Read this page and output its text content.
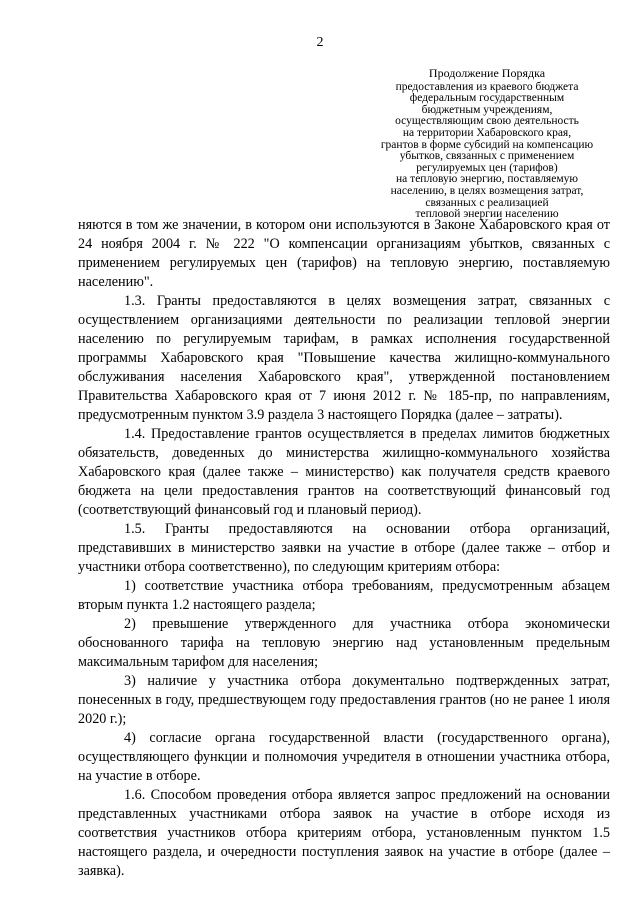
2
Продолжение Порядка
предоставления из краевого бюджета
федеральным государственным
бюджетным учреждениям,
осуществляющим свою деятельность
на территории Хабаровского края,
грантов в форме субсидий на компенсацию
убытков, связанных с применением
регулируемых цен (тарифов)
на тепловую энергию, поставляемую
населению, в целях возмещения затрат,
связанных с реализацией
тепловой энергии населению

няются в том же значении, в котором они используются в Законе Хабаровского края от 24 ноября 2004 г. № 222 "О компенсации организациям убытков, связанных с применением регулируемых цен (тарифов) на тепловую энергию, поставляемую населению".

1.3. Гранты предоставляются в целях возмещения затрат, связанных с осуществлением организациями деятельности по реализации тепловой энергии населению по регулируемым тарифам, в рамках исполнения государственной программы Хабаровского края "Повышение качества жилищно-коммунального обслуживания населения Хабаровского края", утвержденной постановлением Правительства Хабаровского края от 7 июня 2012 г. № 185-пр, по направлениям, предусмотренным пунктом 3.9 раздела 3 настоящего Порядка (далее – затраты).

1.4. Предоставление грантов осуществляется в пределах лимитов бюджетных обязательств, доведенных до министерства жилищно-коммунального хозяйства Хабаровского края (далее также – министерство) как получателя средств краевого бюджета на цели предоставления грантов на соответствующий финансовый год (соответствующий финансовый год и плановый период).

1.5. Гранты предоставляются на основании отбора организаций, представивших в министерство заявки на участие в отборе (далее также – отбор и участники отбора соответственно), по следующим критериям отбора:

1) соответствие участника отбора требованиям, предусмотренным абзацем вторым пункта 1.2 настоящего раздела;

2) превышение утвержденного для участника отбора экономически обоснованного тарифа на тепловую энергию над установленным предельным максимальным тарифом для населения;

3) наличие у участника отбора документально подтвержденных затрат, понесенных в году, предшествующем году предоставления грантов (но не ранее 1 июля 2020 г.);

4) согласие органа государственной власти (государственного органа), осуществляющего функции и полномочия учредителя в отношении участника отбора, на участие в отборе.

1.6. Способом проведения отбора является запрос предложений на основании представленных участниками отбора заявок на участие в отборе исходя из соответствия участников отбора критериям отбора, установленным пунктом 1.5 настоящего раздела, и очередности поступления заявок на участие в отборе (далее – заявка).
